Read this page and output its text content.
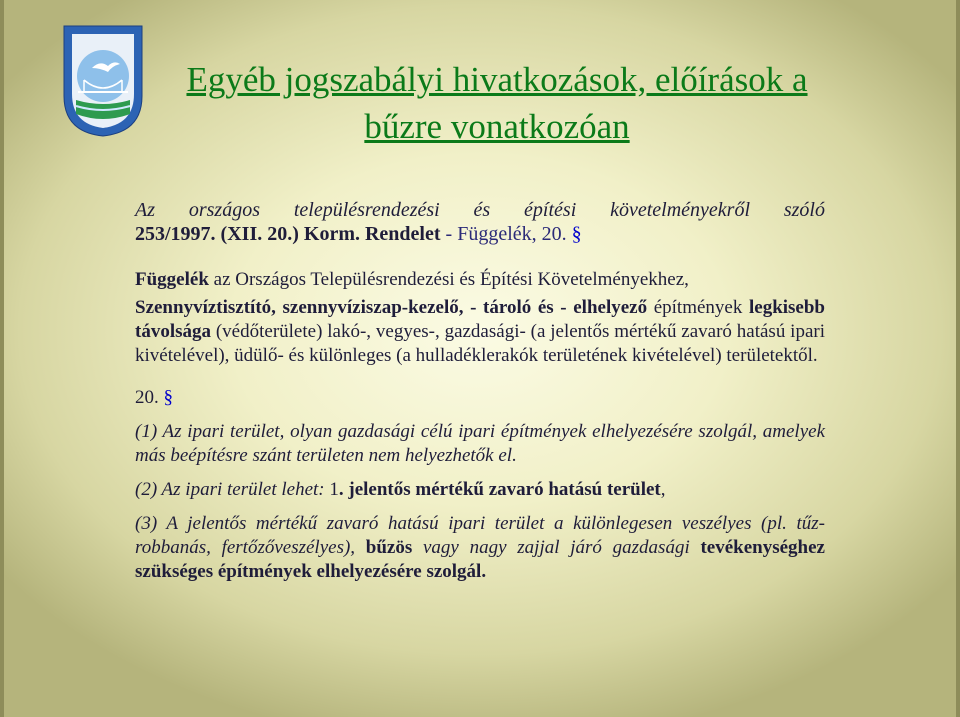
Egyéb jogszabályi hivatkozások, előírások a
bűzre vonatkozóan

Az országos településrendezési és építési követelményekről szóló

253/1997. (XII. 20.) Korm. Rendelet - Függelék, 20. §

Függelék az Országos Településrendezési és Építési Követelményekhez,

Szennyvíztisztító, szennyvíziszap-kezelő, - tároló és - elhelyező építmények legkisebb távolsága (védőterülete) lakó-, vegyes-, gazdasági- (a jelentős mértékű zavaró hatású ipari kivételével), üdülő- és különleges (a hulladéklerakók területének kivételével) területektől.

20. §

(1) Az ipari terület, olyan gazdasági célú ipari építmények elhelyezésére szolgál, amelyek más beépítésre szánt területen nem helyezhetők el.

(2) Az ipari terület lehet: 1. jelentős mértékű zavaró hatású terület,

(3) A jelentős mértékű zavaró hatású ipari terület a különlegesen veszélyes (pl. tűz-robbanás, fertőzőveszélyes), bűzös vagy nagy zajjal járó gazdasági tevékenységhez szükséges építmények elhelyezésére szolgál.
